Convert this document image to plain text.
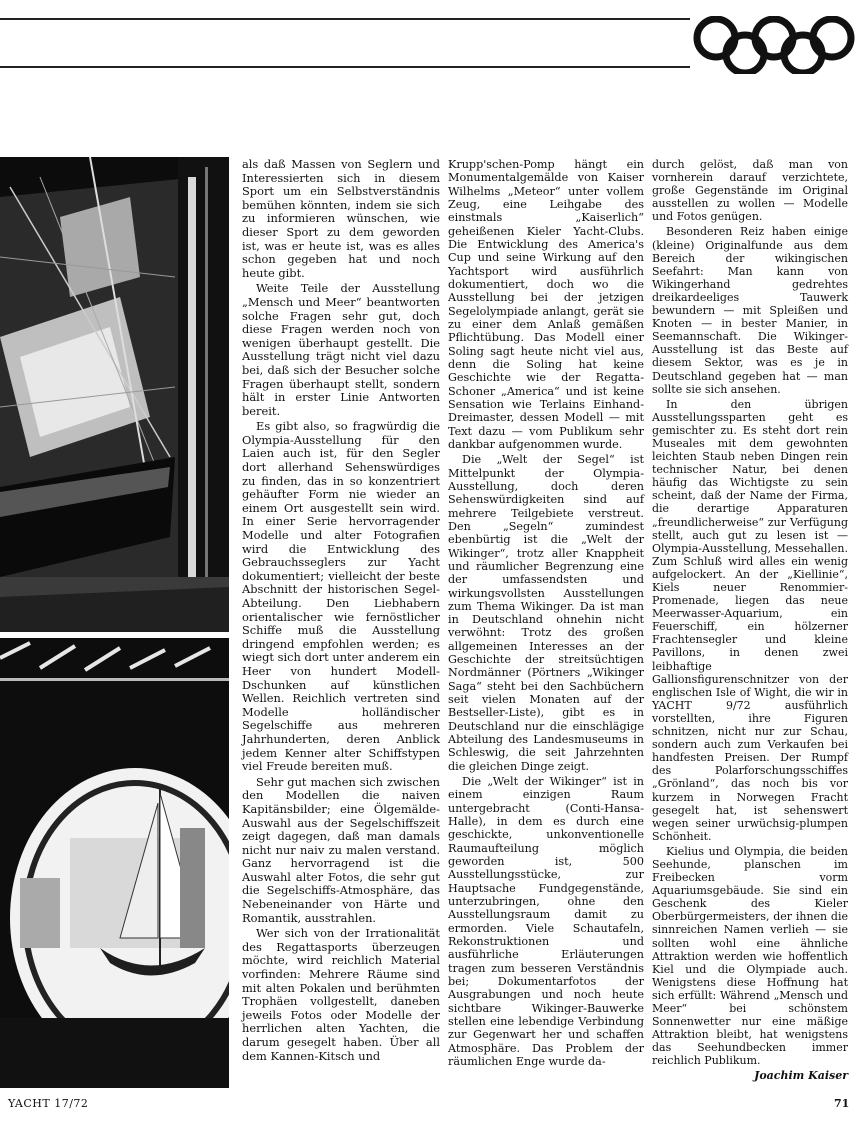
als daß Massen von Seglern und Interessierten sich in diesem Sport um ein Selbstverständnis bemühen könnten, indem sie sich zu informieren wünschen, wie dieser Sport zu dem geworden ist, was er heute ist, was es alles schon gegeben hat und noch heute gibt.

Weite Teile der Ausstellung „Mensch und Meer“ beantworten solche Fragen sehr gut, doch diese Fragen werden noch von wenigen überhaupt gestellt. Die Ausstellung trägt nicht viel dazu bei, daß sich der Besucher solche Fragen überhaupt stellt, sondern hält in erster Linie Antworten bereit.

Es gibt also, so fragwürdig die Olympia-Ausstellung für den Laien auch ist, für den Segler dort allerhand Sehenswürdiges zu finden, das in so konzentriert gehäufter Form nie wieder an einem Ort ausgestellt sein wird. In einer Serie hervorragender Modelle und alter Fotografien wird die Entwicklung des Gebrauchsseglers zur Yacht dokumentiert; vielleicht der beste Abschnitt der historischen Segel-Abteilung. Den Liebhabern orientalischer wie fernöstlicher Schiffe muß die Ausstellung dringend empfohlen werden; es wiegt sich dort unter anderem ein Heer von hundert Modell-Dschunken auf künstlichen Wellen. Reichlich vertreten sind Modelle holländischer Segelschiffe aus mehreren Jahrhunderten, deren Anblick jedem Kenner alter Schiffstypen viel Freude bereiten muß.

Sehr gut machen sich zwischen den Modellen die naiven Kapitänsbilder; eine Ölgemälde-Auswahl aus der Segelschiffszeit zeigt dagegen, daß man damals nicht nur naiv zu malen verstand. Ganz hervorragend ist die Auswahl alter Fotos, die sehr gut die Segelschiffs-Atmosphäre, das Nebeneinander von Härte und Romantik, ausstrahlen.

Wer sich von der Irrationalität des Regattasports überzeugen möchte, wird reichlich Material vorfinden: Mehrere Räume sind mit alten Pokalen und berühmten Trophäen vollgestellt, daneben jeweils Fotos oder Modelle der herrlichen alten Yachten, die darum gesegelt haben. Über all dem Kannen-Kitsch und

Krupp'schen-Pomp hängt ein Monumentalgemälde von Kaiser Wilhelms „Meteor“ unter vollem Zeug, eine Leihgabe des einstmals „Kaiserlich“ geheißenen Kieler Yacht-Clubs. Die Entwicklung des America's Cup und seine Wirkung auf den Yachtsport wird ausführlich dokumentiert, doch wo die Ausstellung bei der jetzigen Segelolympiade anlangt, gerät sie zu einer dem Anlaß gemäßen Pflichtübung. Das Modell einer Soling sagt heute nicht viel aus, denn die Soling hat keine Geschichte wie der Regatta-Schoner „America“ und ist keine Sensation wie Terlains Einhand-Dreimaster, dessen Modell — mit Text dazu — vom Publikum sehr dankbar aufgenommen wurde.

Die „Welt der Segel“ ist Mittelpunkt der Olympia-Ausstellung, doch deren Sehenswürdigkeiten sind auf mehrere Teilgebiete verstreut. Den „Segeln“ zumindest ebenbürtig ist die „Welt der Wikinger“, trotz aller Knappheit und räumlicher Begrenzung eine der umfassendsten und wirkungsvollsten Ausstellungen zum Thema Wikinger. Da ist man in Deutschland ohnehin nicht verwöhnt: Trotz des großen allgemeinen Interesses an der Geschichte der streitsüchtigen Nordmänner (Pörtners „Wikinger Saga“ steht bei den Sachbüchern seit vielen Monaten auf der Bestseller-Liste), gibt es in Deutschland nur die einschlägige Abteilung des Landesmuseums in Schleswig, die seit Jahrzehnten die gleichen Dinge zeigt.

Die „Welt der Wikinger“ ist in einem einzigen Raum untergebracht (Conti-Hansa-Halle), in dem es durch eine geschickte, unkonventionelle Raumaufteilung möglich geworden ist, 500 Ausstellungsstücke, zur Hauptsache Fundgegenstände, unterzubringen, ohne den Ausstellungsraum damit zu ermorden. Viele Schautafeln, Rekonstruktionen und ausführliche Erläuterungen tragen zum besseren Verständnis bei; Dokumentarfotos der Ausgrabungen und noch heute sichtbare Wikinger-Bauwerke stellen eine lebendige Verbindung zur Gegenwart her und schaffen Atmosphäre. Das Problem der räumlichen Enge wurde da-

durch gelöst, daß man von vornherein darauf verzichtete, große Gegenstände im Original ausstellen zu wollen — Modelle und Fotos genügen.

Besonderen Reiz haben einige (kleine) Originalfunde aus dem Bereich der wikingischen Seefahrt: Man kann von Wikingerhand gedrehtes dreikardeeliges Tauwerk bewundern — mit Spleißen und Knoten — in bester Manier, in Seemannschaft. Die Wikinger-Ausstellung ist das Beste auf diesem Sektor, was es je in Deutschland gegeben hat — man sollte sie sich ansehen.

In den übrigen Ausstellungssparten geht es gemischter zu. Es steht dort rein Museales mit dem gewohnten leichten Staub neben Dingen rein technischer Natur, bei denen häufig das Wichtigste zu sein scheint, daß der Name der Firma, die derartige Apparaturen „freundlicherweise“ zur Verfügung stellt, auch gut zu lesen ist — Olympia-Ausstellung, Messehallen. Zum Schluß wird alles ein wenig aufgelockert. An der „Kiellinie“, Kiels neuer Renommier-Promenade, liegen das neue Meerwasser-Aquarium, ein Feuerschiff, ein hölzerner Frachtensegler und kleine Pavillons, in denen zwei leibhaftige Gallionsfigurenschnitzer von der englischen Isle of Wight, die wir in YACHT 9/72 ausführlich vorstellten, ihre Figuren schnitzen, nicht nur zur Schau, sondern auch zum Verkaufen bei handfesten Preisen. Der Rumpf des Polarforschungsschiffes „Grönland“, das noch bis vor kurzem in Norwegen Fracht gesegelt hat, ist sehenswert wegen seiner urwüchsig-plumpen Schönheit.

Kielius und Olympia, die beiden Seehunde, planschen im Freibecken vorm Aquariumsgebäude. Sie sind ein Geschenk des Kieler Oberbürgermeisters, der ihnen die sinnreichen Namen verlieh — sie sollten wohl eine ähnliche Attraktion werden wie hoffentlich Kiel und die Olympiade auch. Wenigstens diese Hoffnung hat sich erfüllt: Während „Mensch und Meer“ bei schönstem Sonnenwetter nur eine mäßige Attraktion bleibt, hat wenigstens das Seehundbecken immer reichlich Publikum.

Joachim Kaiser

YACHT 17/72	71
